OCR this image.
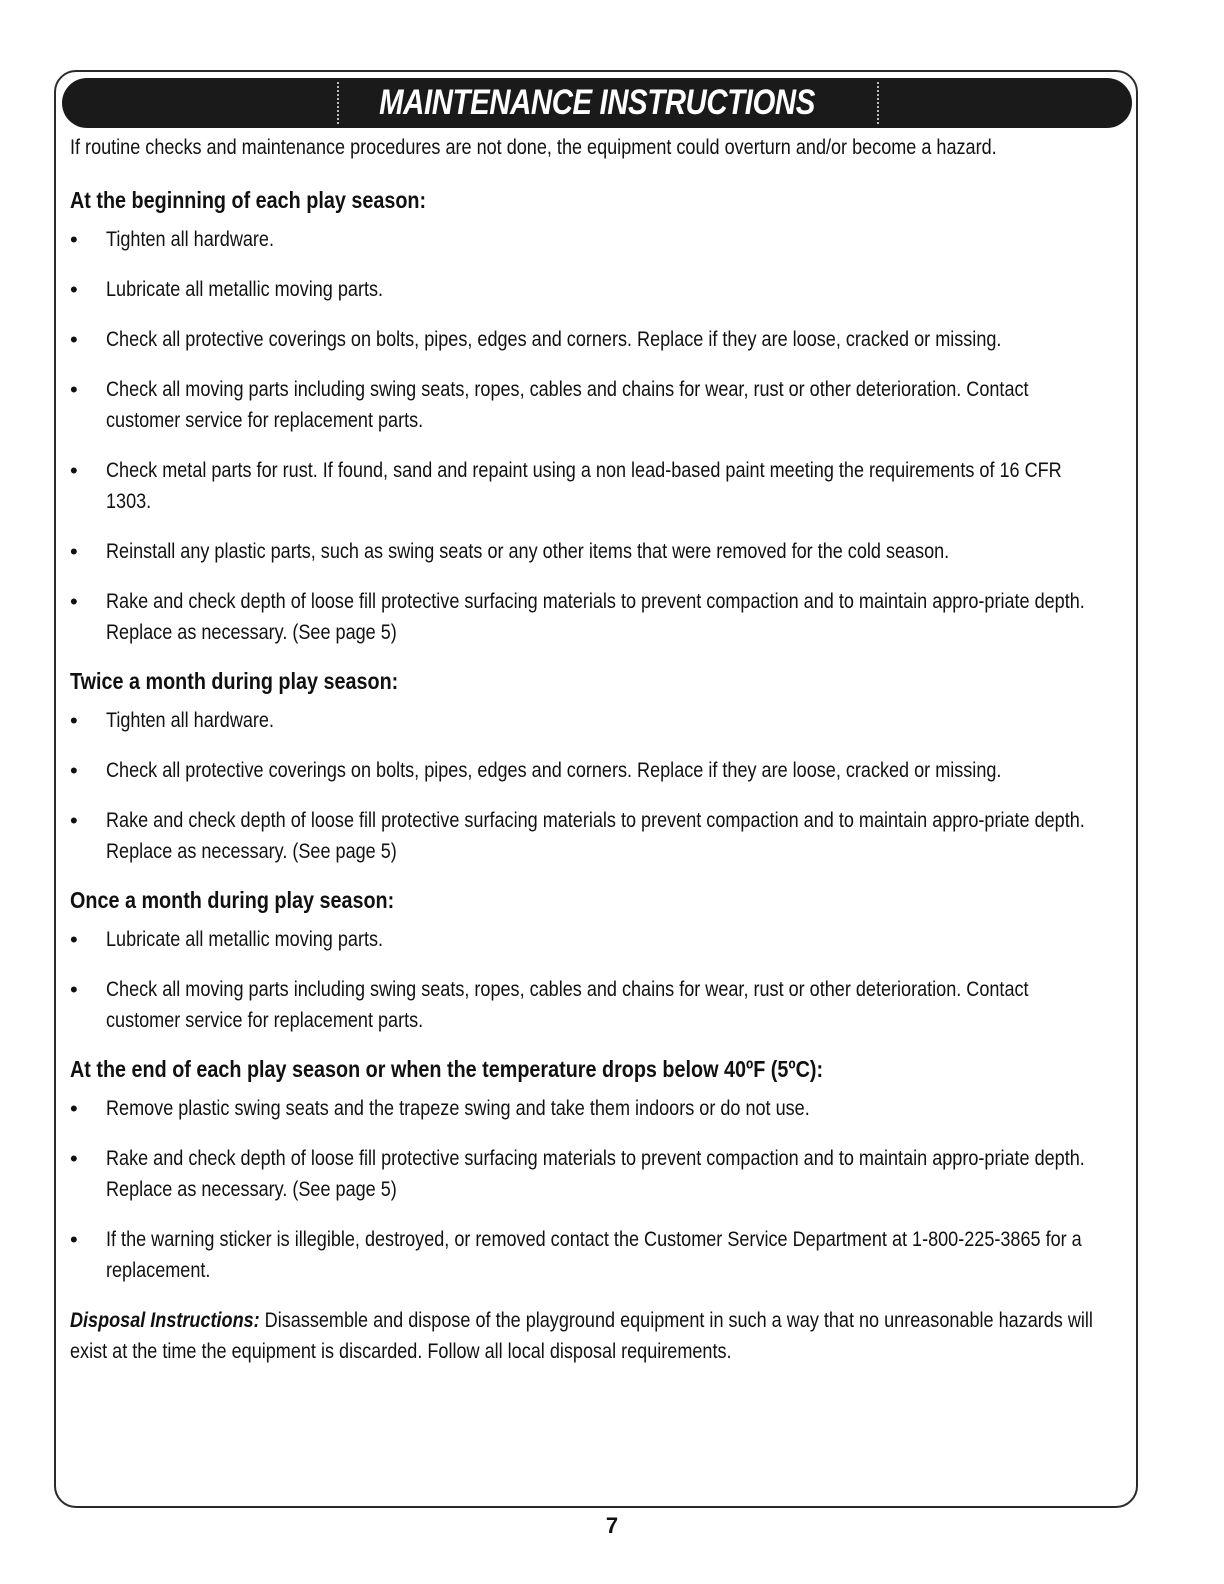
MAINTENANCE INSTRUCTIONS

If routine checks and maintenance procedures are not done, the equipment could overturn and/or become a hazard.

At the beginning of each play season:

• Tighten all hardware.
• Lubricate all metallic moving parts.
• Check all protective coverings on bolts, pipes, edges and corners. Replace if they are loose, cracked or missing.
• Check all moving parts including swing seats, ropes, cables and chains for wear, rust or other deterioration. Contact customer service for replacement parts.
• Check metal parts for rust. If found, sand and repaint using a non lead-based paint meeting the requirements of 16 CFR 1303.
• Reinstall any plastic parts, such as swing seats or any other items that were removed for the cold season.
• Rake and check depth of loose fill protective surfacing materials to prevent compaction and to maintain appro-priate depth. Replace as necessary. (See page 5)

Twice a month during play season:

• Tighten all hardware.
• Check all protective coverings on bolts, pipes, edges and corners. Replace if they are loose, cracked or missing.
• Rake and check depth of loose fill protective surfacing materials to prevent compaction and to maintain appro-priate depth. Replace as necessary. (See page 5)

Once a month during play season:

• Lubricate all metallic moving parts.
• Check all moving parts including swing seats, ropes, cables and chains for wear, rust or other deterioration. Contact customer service for replacement parts.

At the end of each play season or when the temperature drops below 40ºF (5ºC):

• Remove plastic swing seats and the trapeze swing and take them indoors or do not use.
• Rake and check depth of loose fill protective surfacing materials to prevent compaction and to maintain appro-priate depth. Replace as necessary. (See page 5)
• If the warning sticker is illegible, destroyed, or removed contact the Customer Service Department at 1-800-225-3865 for a replacement.

Disposal Instructions: Disassemble and dispose of the playground equipment in such a way that no unreasonable hazards will exist at the time the equipment is discarded. Follow all local disposal requirements.

7
